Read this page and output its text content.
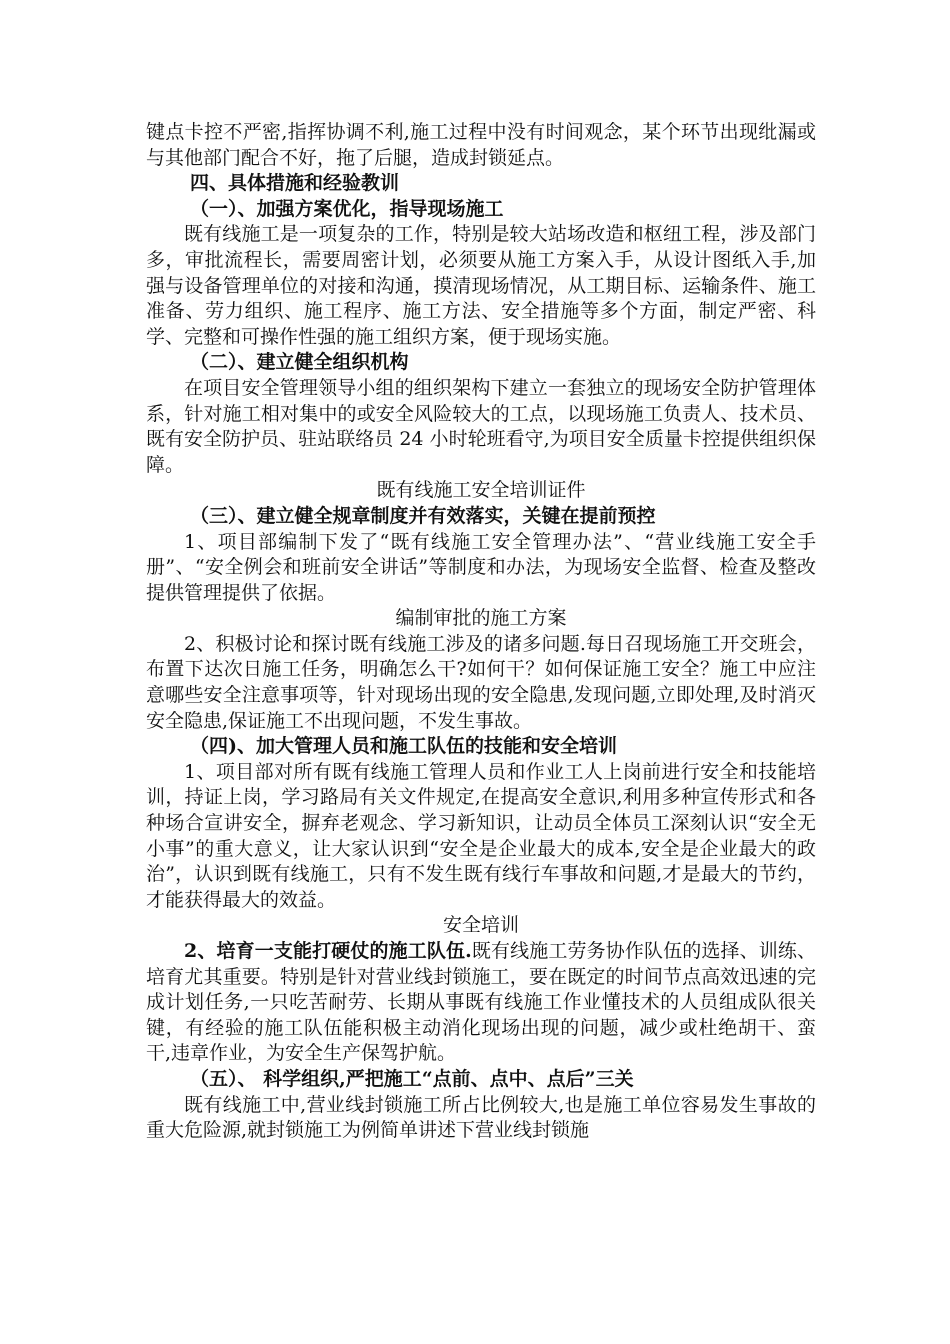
键点卡控不严密,指挥协调不利,施工过程中没有时间观念，某个环节出现纰漏或与其他部门配合不好，拖了后腿，造成封锁延点。

四、具体措施和经验教训

（一）、加强方案优化，指导现场施工

既有线施工是一项复杂的工作，特别是较大站场改造和枢纽工程，涉及部门多，审批流程长，需要周密计划，必须要从施工方案入手，从设计图纸入手,加强与设备管理单位的对接和沟通，摸清现场情况，从工期目标、运输条件、施工准备、劳力组织、施工程序、施工方法、安全措施等多个方面，制定严密、科学、完整和可操作性强的施工组织方案，便于现场实施。

（二）、建立健全组织机构

在项目安全管理领导小组的组织架构下建立一套独立的现场安全防护管理体系，针对施工相对集中的或安全风险较大的工点，以现场施工负责人、技术员、既有安全防护员、驻站联络员 24 小时轮班看守,为项目安全质量卡控提供组织保障。

既有线施工安全培训证件

（三）、建立健全规章制度并有效落实，关键在提前预控

1、项目部编制下发了“既有线施工安全管理办法”、“营业线施工安全手册”、“安全例会和班前安全讲话”等制度和办法，为现场安全监督、检查及整改提供管理提供了依据。

编制审批的施工方案

2、积极讨论和探讨既有线施工涉及的诸多问题.每日召现场施工开交班会，布置下达次日施工任务，明确怎么干?如何干？如何保证施工安全？施工中应注意哪些安全注意事项等，针对现场出现的安全隐患,发现问题,立即处理,及时消灭安全隐患,保证施工不出现问题，不发生事故。

（四)、加大管理人员和施工队伍的技能和安全培训

1、项目部对所有既有线施工管理人员和作业工人上岗前进行安全和技能培训，持证上岗，学习路局有关文件规定,在提高安全意识,利用多种宣传形式和各种场合宣讲安全，摒弃老观念、学习新知识，让动员全体员工深刻认识“安全无小事”的重大意义，让大家认识到“安全是企业最大的成本,安全是企业最大的政治”，认识到既有线施工，只有不发生既有线行车事故和问题,才是最大的节约，才能获得最大的效益。

安全培训

2、培育一支能打硬仗的施工队伍.既有线施工劳务协作队伍的选择、训练、培育尤其重要。特别是针对营业线封锁施工，要在既定的时间节点高效迅速的完成计划任务,一只吃苦耐劳、长期从事既有线施工作业懂技术的人员组成队很关键，有经验的施工队伍能积极主动消化现场出现的问题，减少或杜绝胡干、蛮干,违章作业，为安全生产保驾护航。

（五）、 科学组织,严把施工“点前、点中、点后”三关

既有线施工中,营业线封锁施工所占比例较大,也是施工单位容易发生事故的重大危险源,就封锁施工为例简单讲述下营业线封锁施
